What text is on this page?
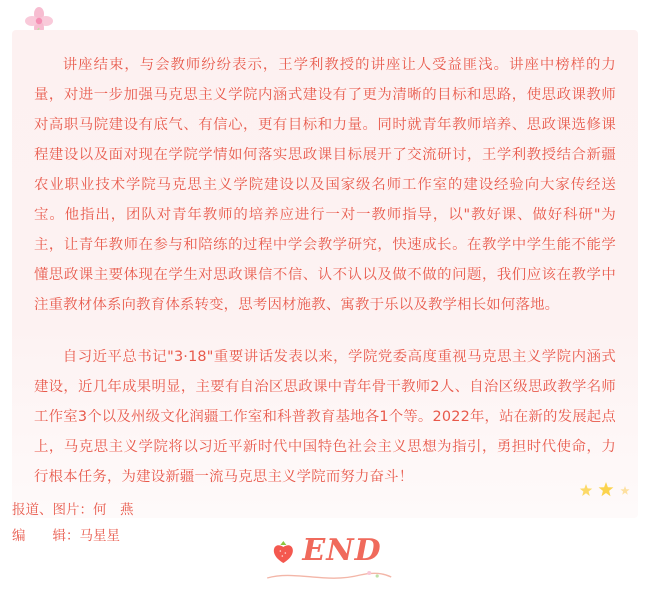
讲座结束，与会教师纷纷表示，王学利教授的讲座让人受益匪浅。讲座中榜样的力量，对进一步加强马克思主义学院内涵式建设有了更为清晰的目标和思路，使思政课教师对高职马院建设有底气、有信心，更有目标和力量。同时就青年教师培养、思政课选修课程建设以及面对现在学院学情如何落实思政课目标展开了交流研讨，王学利教授结合新疆农业职业技术学院马克思主义学院建设以及国家级名师工作室的建设经验向大家传经送宝。他指出，团队对青年教师的培养应进行一对一教师指导，以"教好课、做好科研"为主，让青年教师在参与和陪练的过程中学会教学研究，快速成长。在教学中学生能不能学懂思政课主要体现在学生对思政课信不信、认不认以及做不做的问题，我们应该在教学中注重教材体系向教育体系转变，思考因材施教、寓教于乐以及教学相长如何落地。

自习近平总书记"3·18"重要讲话发表以来，学院党委高度重视马克思主义学院内涵式建设，近几年成果明显，主要有自治区思政课中青年骨干教师2人、自治区级思政教学名师工作室3个以及州级文化润疆工作室和科普教育基地各1个等。2022年，站在新的发展起点上，马克思主义学院将以习近平新时代中国特色社会主义思想为指引，勇担时代使命，力行根本任务，为建设新疆一流马克思主义学院而努力奋斗！

报道、图片：何　燕
编　　辑：马星星	END
